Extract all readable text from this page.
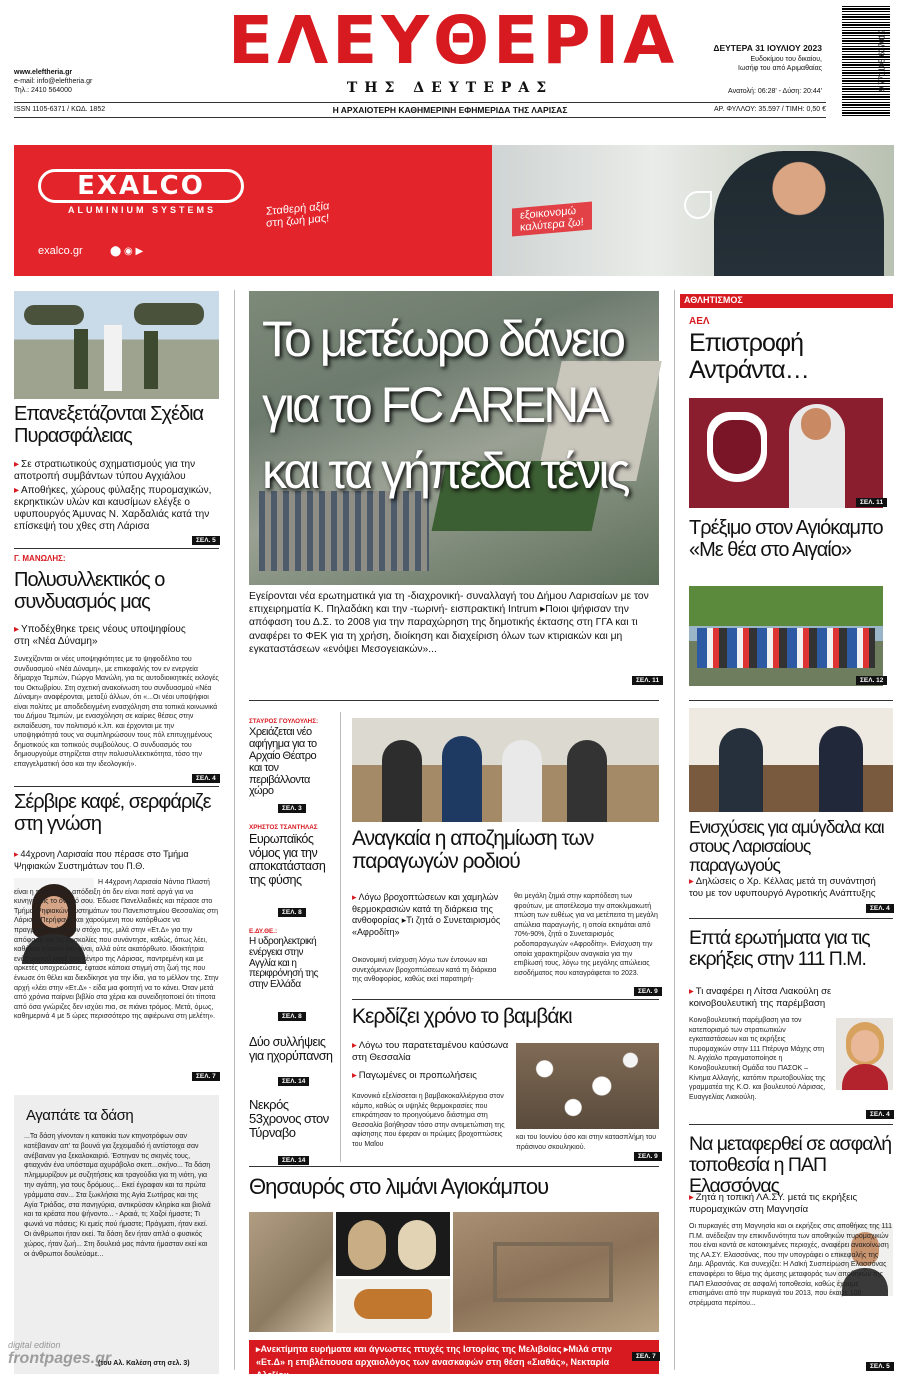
ΕΛΕΥΘΕΡΙΑ
ΤΗΣ ΔΕΥΤΕΡΑΣ
www.eleftheria.gr
e-mail: info@eleftheria.gr
Τηλ.: 2410 564000
ΔΕΥΤΕΡΑ 31 ΙΟΥΛΙΟΥ 2023
Ευδοκίμου του δικαίου,
Ιωσήφ του από Αριμαθαίας
Ανατολή: 06:28' - Δύση: 20:44'
9 771105 637019
ISSN 1105-6371 / ΚΩΔ. 1852	Η ΑΡΧΑΙΟΤΕΡΗ ΚΑΘΗΜΕΡΙΝΗ ΕΦΗΜΕΡΙΔΑ ΤΗΣ ΛΑΡΙΣΑΣ	ΑΡ. ΦΥΛΛΟΥ: 35.597 / ΤΙΜΗ: 0,50 €
EXALCO
ALUMINIUM SYSTEMS
exalco.gr	⬤ ◉ ▶
Σταθερή αξία
στη ζωή μας!	εξοικονομώ
καλύτερα ζω!
Επανεξετάζονται Σχέδια Πυρασφάλειας
▸ Σε στρατιωτικούς σχηματισμούς για την αποτροπή συμβάντων τύπου Αγχιάλου
▸ Αποθήκες, χώρους φύλαξης πυρομαχικών, εκρηκτικών υλών και καυσίμων ελέγξε ο υφυπουργός Άμυνας Ν. Χαρδαλιάς κατά την επίσκεψή του χθες στη Λάρισα
ΣΕΛ. 5
Γ. ΜΑΝΩΛΗΣ:
Πολυσυλλεκτικός ο συνδυασμός μας
▸ Υποδέχθηκε τρεις νέους υποψηφίους στη «Νέα Δύναμη»
Συνεχίζονται οι νέες υποψηφιότητες με το ψηφοδέλτιο του συνδυασμού «Νέα Δύναμη», με επικεφαλής τον εν ενεργεία δήμαρχο Τεμπών, Γιώργο Μανώλη, για τις αυτοδιοικητικές εκλογές του Οκτωβρίου. Στη σχετική ανακοίνωση του συνδυασμού «Νέα Δύναμη» αναφέρονται, μεταξύ άλλων, ότι «...Οι νέοι υποψήφιοι είναι πολίτες με αποδεδειγμένη ενασχόληση στα τοπικά κοινωνικά του Δήμου Τεμπών, με ενασχόληση σε καίριες θέσεις στην εκπαίδευση, τον πολιτισμό κ.λπ. και έρχονται με την υποψηφιότητά τους να συμπληρώσουν τους πόλ επιτυχημένους δημοτικούς και τοπικούς συμβούλους. Ο συνδυασμός του δημιουργούμε στηρίζεται στην πολυσυλλεκτικότητα, τόσο την επαγγελματική όσο και την ιδεολογική».
ΣΕΛ. 4
Σέρβιρε καφέ, σερφάριζε στη γνώση
▸ 44χρονη Λαρισαία που πέρασε στο Τμήμα Ψηφιακών Συστημάτων του Π.Θ.
Η 44χρονη Λαρισαία Νάντια Πλαστή είναι η περίπτωση απόδειξη ότι δεν είναι ποτέ αργά για να κυνηγήσεις το όνειρό σου. Έδωσε Πανελλαδικές και πέρασε στο Τμήμα Ψηφιακών Συστημάτων του Πανεπιστημίου Θεσσαλίας στη Λάρισα. Περήφανη και χαρούμενη που κατόρθωσε να πραγματοποιήσει τον στόχο της, μιλά στην «Ετ.Δ» για την απόφαση και τις δυσκολίες που συνάντησε, καθώς, όπως λέει, καθόλου εύκολο δεν είναι, αλλά ούτε ακατόρθωτο. Ιδιοκτήτρια ενός μικρού καφέ στο κέντρο της Λάρισας, παντρεμένη και με αρκετές υποχρεώσεις, έφτασε κάποια στιγμή στη ζωή της που ένιωσε ότι θέλει και διεκδίκησε για την ίδια, για το μέλλον της. Στην αρχή «λέει στην «Ετ.Δ» - είδα μια φοιτητή να το κάνει. Όταν μετά από χρόνια παίρνει βιβλίο στα χέρια και συνειδητοποιεί ότι τίποτα από όσα γνώριζες δεν ισχύει πια, σε πιάνει τρόμος. Μετά, όμως, καθημερινά 4 με 5 ώρες περισσότερο της αφιέρωνα στη μελέτη».
ΣΕΛ. 7
Αγαπάτε τα δάση
...Τα δάση γίνονταν η κατοικία των κτηνοτρόφων σαν κατέβαιναν απ’ τα βουνά για ξεχειμαδιό ή αντίστοιχα σαν ανέβαιναν για ξεκαλοκαιριό. Έστηναν τις σκηνές τους, φτιαχνάν ένα υπόσταμα αχυράβολο σκεπ...σκήνο... Τα δάση πλημμυρίζουν με συζητήσεις και τραγούδια για τη νιότη, για την αγάπη, για τους δρόμους... Εκεί έγραφαν και τα πρώτα γράμματα σαν... Στα ξωκλήσια της Αγία Σωτήρας και της Αγία Τριάδας, στα πανηγύρια, αντικρύσαν κληρίκα και βιολιά και τα κρέατα που ψήνοντο... - Αραιά, τι; Χαζοί ήμαστε; Τι φωνιά να πάσεις; Κι εμείς πού ήμαστε; Πράγματι, ήταν εκεί. Οι άνθρωποι ήταν εκεί. Τα δάση δεν ήταν απλά ο φυσικός χώρος, ήταν ζωή... Στη δουλειά μας πάντα ήμασταν εκεί και οι άνθρωποι δουλεύαμε...
(του Αλ. Καλέση στη σελ. 3)
frontpages.gr
digital edition
Το μετέωρο δάνειο για το FC ARENA και τα γήπεδα τένις
Εγείρονται νέα ερωτηματικά για τη -διαχρονική- συναλλαγή του Δήμου Λαρισαίων με τον επιχειρηματία Κ. Πηλαδάκη και την -τωρινή- εισπρακτική Intrum ▸Ποιοι ψήφισαν την απόφαση του Δ.Σ. το 2008 για την παραχώρηση της δημοτικής έκτασης στη ΓΓΑ και τι αναφέρει το ΦΕΚ για τη χρήση, διοίκηση και διαχείριση όλων των κτιριακών και μη εγκαταστάσεων «ενόψει Μεσογειακών»...
ΣΕΛ. 11
ΣΤΑΥΡΟΣ ΓΟΥΛΟΥΛΗΣ:
Χρειάζεται νέο αφήγημα για το Αρχαίο Θέατρο και τον περιβάλλοντα χώρο
ΣΕΛ. 3
ΧΡΗΣΤΟΣ ΤΣΑΝΤΗΛΑΣ
Ευρωπαϊκός νόμος για την αποκατάσταση της φύσης
ΣΕΛ. 8
Ε.ΔΥ.ΘΕ.:
Η υδροηλεκτρική ενέργεια στην Αγγλία και η περιφρόνησή της στην Ελλάδα
ΣΕΛ. 8
Δύο συλλήψεις για ηχορύπανση
ΣΕΛ. 14
Νεκρός 53χρονος στον Τύρναβο
ΣΕΛ. 14
Αναγκαία η αποζημίωση των παραγωγών ροδιού
▸ Λόγω βροχοπτώσεων και χαμηλών θερμοκρασιών κατά τη διάρκεια της ανθοφορίας ▸Τι ζητά ο Συνεταιρισμός «Αφροδίτη»
Οικονομική ενίσχυση λόγω των έντονων και συνεχόμενων βροχοπτώσεων κατά τη διάρκεια της ανθοφορίας, καθώς εκεί παρατηρή-
θει μεγάλη ζημιά στην καρπόδεση των φρούτων, με αποτέλεσμα την αποκλιμακωτή πτώση των ευθέως για να μετέπειτα τη μεγάλη απώλεια παραγωγής, η οποία εκτιμάται από 70%-90%, ζητά ο Συνεταιρισμός ροδοπαραγωγών «Αφροδίτη». Ενίσχυση την οποία χαρακτηρίζουν αναγκαία για την επιβίωσή τους, λόγω της μεγάλης απώλειας εισοδήματος που καταγράφεται το 2023.
ΣΕΛ. 9
Κερδίζει χρόνο το βαμβάκι
▸ Λόγω του παρατεταμένου καύσωνα στη Θεσσαλία
▸ Παγωμένες οι προπωλήσεις
Κανονικό εξελίσσεται η βαμβακοκαλλιέργεια στον κάμπο, καθώς οι υψηλές θερμοκρασίες που επικράτησαν το προηγούμενο διάστημα στη Θεσσαλία βοήθησαν τόσο στην αντιμετώπιση της αφίσησης που έφεραν οι πρώιμες βροχοπτώσεις του Μαΐου
και του Ιουνίου όσο και στην κατασπλήμη του πράσινου σκουληκιού.
ΣΕΛ. 9
Θησαυρός στο λιμάνι Αγιοκάμπου
▸Ανεκτίμητα ευρήματα και άγνωστες πτυχές της Ιστορίας της Μελιβοίας ▸Μιλά στην «Ετ.Δ» η επιβλέπουσα αρχαιολόγος των ανασκαφών στη θέση «Σιαθάς», Νεκταρία Αλεξίου
ΣΕΛ. 7
ΑΘΛΗΤΙΣΜΟΣ
ΑΕΛ
Επιστροφή Αντράντα…
ΣΕΛ. 11
Τρέξιμο στον Αγιόκαμπο «Με θέα στο Αιγαίο»
ΣΕΛ. 12
Ενισχύσεις για αμύγδαλα και στους Λαρισαίους παραγωγούς
▸ Δηλώσεις ο Χρ. Κέλλας μετά τη συνάντησή του με τον υφυπουργό Αγροτικής Ανάπτυξης
ΣΕΛ. 4
Επτά ερωτήματα για τις εκρήξεις στην 111 Π.Μ.
▸ Τι αναφέρει η Λίτσα Λιακούλη σε κοινοβουλευτική της παρέμβαση
Κοινοβουλευτική παρέμβαση για τον κατεπορισμό των στρατιωτικών εγκαταστάσεων και τις εκρήξεις πυρομαχικών στην 111 Πτέρυγα Μάχης στη Ν. Αγχίαλο πραγματοποίησε η Κοινοβουλευτική Ομάδα του ΠΑΣΟΚ – Κίνημα Αλλαγής, κατόπιν πρωτοβουλίας της γραμματέα της Κ.Ο. και βουλευτού Λάρισας, Ευαγγελίας Λιακούλη.
ΣΕΛ. 4
Να μεταφερθεί σε ασφαλή τοποθεσία η ΠΑΠ Ελασσόνας
▸ Ζητά η τοπική ΛΑ.ΣΥ. μετά τις εκρήξεις πυρομαχικών στη Μαγνησία
Οι πυρκαγιές στη Μαγνησία και οι εκρήξεις στις αποθήκες της 111 Π.Μ. ανέδειξαν την επικινδυνότητα των αποθηκών πυρομαχικών που είναι κοντά σε κατοικημένες περιοχές, αναφέρει ανακοίνωση της ΛΑ.ΣΥ. Ελασσόνας, που την υπογράφει ο επικεφαλής της Δημ. Αβραντάς. Και συνεχίζει: Η Λαϊκή Συσπείρωση Ελασσόνας επαναφέρει το θέμα της άμεσης μεταφοράς των αποθηκών της ΠΑΠ Ελασσόνας σε ασφαλή τοποθεσία, καθώς έχουμε επισημάνει από την πυρκαγιά του 2013, που έκαψε 100 στρέμματα περίπου...
ΣΕΛ. 5
